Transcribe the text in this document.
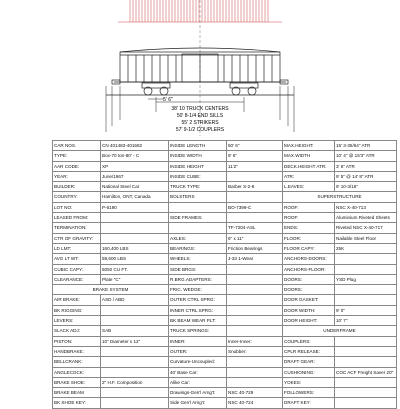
5' 6"
38' 10 TRUCK CENTERS
50' 8-1/4 END SILLS
55' 2 STRIKERS
57' 9-1/2 COUPLERS
CAR NOS.	CN 401483-401682	INSIDE LENGTH	50' 6"	MAX.HEIGHT:	15' 3-35/64" ATR
TYPE:	Box-70 ton-80' - C	INSIDE WIDTH	9' 6"	MAX.WIDTH	10' 4" @ 15'3" ATR
AAR CODE:	XP	INSIDE HEIGHT	11'2"	DECK.HEIGHT ATR:	3' 6" ATR
YEAR:	June/1967	INSIDE CUBE:		ATR:	9' 5" @ 14' 8" ATR
BUILDER:	National Steel Car	TRUCK TYPE:	Barber S-2-8	L.EAVES:	9' 10-3/16"
COUNTRY:	Hamilton, ONT, Canada	BOLSTERS		SUPERSTRUCTURE	
LOT NO:	P-6190		BO-7399-C	ROOF:	NSC X-40-713
LEASED FROM:		SIDE FRAMES:		ROOF:	Aluminium Riveted Sheets
TERMINATION:			TF-7204-ASL	ENDS:	Riveted NSC X-40-717
CTR OF GRAVITY:		AXLES:	6" x 11"	FLOOR:	Nailable Steel Floor
LD LMT:	160,400 LBS	BEARINGS:	Friction Bearings	FLOOR CAPY:	25K
AVG LT WT:	59,600 LBS	WHEELS:	J-33 1-Wear	ANCHORS-DOORS:	
CUBIC CAPY:	5092 CU FT.	SIDE BRGS:		ANCHORS-FLOOR:	
CLEARANCE:	Plate "C"	R.BRG.ADAPTERS:		DOORS:	YSD Plug
BRAKE SYSTEM		FRIC. WEDGE:		DOORS:	
AIR BRAKE:	ASD / ABD	OUTER CTRL SPRG:		DOOR GASKET:	
BK RIGGING:		INNER CTRL SPRG:		DOOR WIDTH:	9' 0"
LEVERS:		BK BEAM WEAR PLT:		DOOR HEIGHT:	10' 7"
SLACK ADJ:	SAB	TRUCK SPRINGS:		UNDERFRAME	
PISTON:	10" Diameter x 12"	INNER:	Inner-Inner:	COUPLERS:	
HANDBRAKE:		OUTER:	Snubber:	CPLR RELEASE:	
BELLCRANK:		Curvature-Uncoupled:		DRAFT GEAR:	
ANGLECOCK:		40' Base Car:		CUSHIONING:	COC ACF Freight Saver 20"
BRAKE SHOE:	2" H.F. Composition	Alike Car:		YOKES:	
BRAKE BEAM		Drawings-Gen'l Arng't:	NSC 40-729	FOLLOWERS:	
BK SHOE KEY:		Side Gen'l Arng't:	NSC 40-724	DRAFT KEY:	
